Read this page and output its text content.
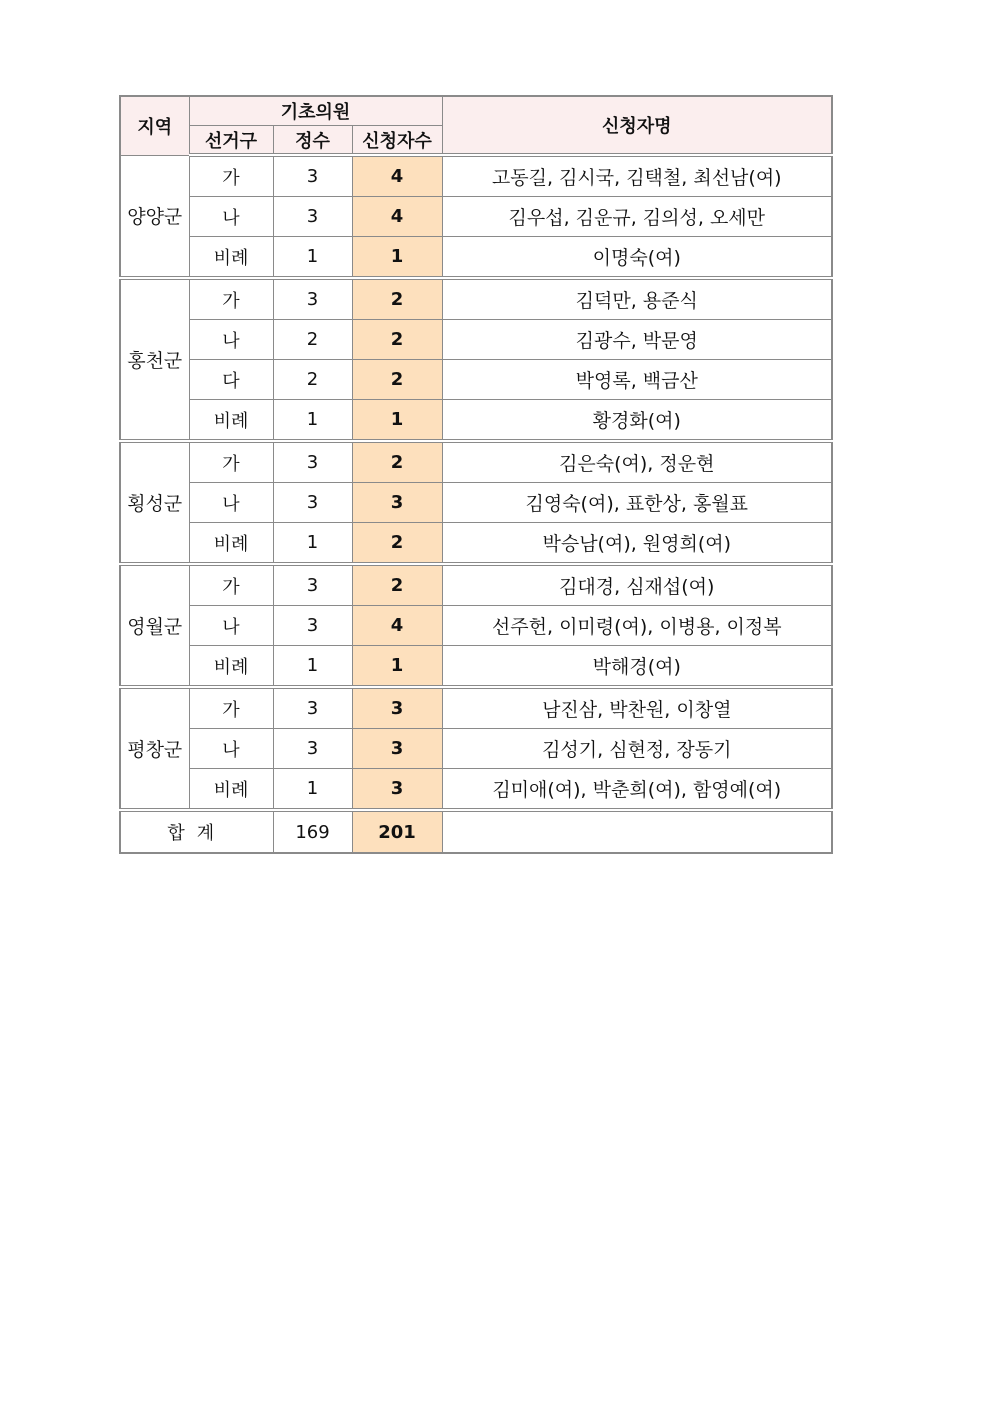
지역	기초의원			신청자명
	선거구	정수	신청자수	
양양군	가	3	4	고동길, 김시국, 김택철, 최선남(여)
	나	3	4	김우섭, 김운규, 김의성, 오세만
	비례	1	1	이명숙(여)
홍천군	가	3	2	김덕만, 용준식
	나	2	2	김광수, 박문영
	다	2	2	박영록, 백금산
	비례	1	1	황경화(여)
횡성군	가	3	2	김은숙(여), 정운현
	나	3	3	김영숙(여), 표한상, 홍월표
	비례	1	2	박승남(여), 원영희(여)
영월군	가	3	2	김대경, 심재섭(여)
	나	3	4	선주헌, 이미령(여), 이병용, 이정복
	비례	1	1	박해경(여)
평창군	가	3	3	남진삼, 박찬원, 이창열
	나	3	3	김성기, 심현정, 장동기
	비례	1	3	김미애(여), 박춘희(여), 함영예(여)
합계		169	201	
